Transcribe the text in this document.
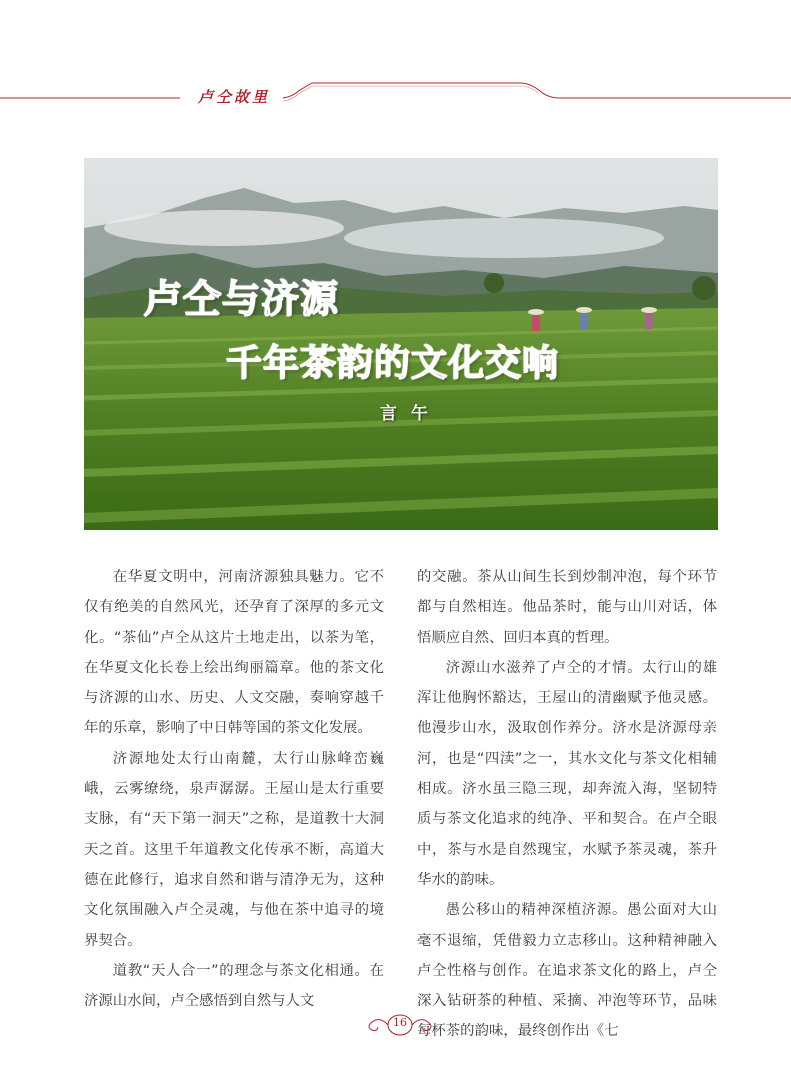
卢仝故里
卢仝与济源
千年茶韵的文化交响
言午

在华夏文明中，河南济源独具魅力。它不仅有绝美的自然风光，还孕育了深厚的多元文化。“茶仙”卢仝从这片土地走出，以茶为笔，在华夏文化长卷上绘出绚丽篇章。他的茶文化与济源的山水、历史、人文交融，奏响穿越千年的乐章，影响了中日韩等国的茶文化发展。

济源地处太行山南麓，太行山脉峰峦巍峨，云雾缭绕，泉声潺潺。王屋山是太行重要支脉，有“天下第一洞天”之称，是道教十大洞天之首。这里千年道教文化传承不断，高道大德在此修行，追求自然和谐与清净无为，这种文化氛围融入卢仝灵魂，与他在茶中追寻的境界契合。

道教“天人合一”的理念与茶文化相通。在济源山水间，卢仝感悟到自然与人文

的交融。茶从山间生长到炒制冲泡，每个环节都与自然相连。他品茶时，能与山川对话，体悟顺应自然、回归本真的哲理。

济源山水滋养了卢仝的才情。太行山的雄浑让他胸怀豁达，王屋山的清幽赋予他灵感。他漫步山水，汲取创作养分。济水是济源母亲河，也是“四渎”之一，其水文化与茶文化相辅相成。济水虽三隐三现，却奔流入海，坚韧特质与茶文化追求的纯净、平和契合。在卢仝眼中，茶与水是自然瑰宝，水赋予茶灵魂，茶升华水的韵味。

愚公移山的精神深植济源。愚公面对大山毫不退缩，凭借毅力立志移山。这种精神融入卢仝性格与创作。在追求茶文化的路上，卢仝深入钻研茶的种植、采摘、冲泡等环节，品味每杯茶的韵味，最终创作出《七

16
